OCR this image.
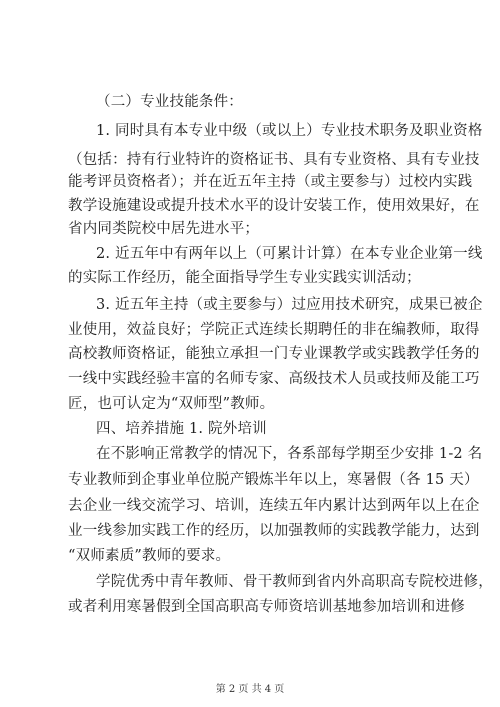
（二）专业技能条件：
1. 同时具有本专业中级（或以上）专业技术职务及职业资格
（包括：持有行业特许的资格证书、具有专业资格、具有专业技
能考评员资格者）；并在近五年主持（或主要参与）过校内实践
教学设施建设或提升技术水平的设计安装工作，使用效果好，在
省内同类院校中居先进水平；
2. 近五年中有两年以上（可累计计算）在本专业企业第一线
的实际工作经历，能全面指导学生专业实践实训活动；
3. 近五年主持（或主要参与）过应用技术研究，成果已被企
业使用，效益良好；学院正式连续长期聘任的非在编教师，取得
高校教师资格证，能独立承担一门专业课教学或实践教学任务的
一线中实践经验丰富的名师专家、高级技术人员或技师及能工巧
匠，也可认定为“双师型”教师。
四、培养措施 1. 院外培训
在不影响正常教学的情况下，各系部每学期至少安排 1-2 名
专业教师到企事业单位脱产锻炼半年以上，寒暑假（各 15 天）
去企业一线交流学习、培训，连续五年内累计达到两年以上在企
业一线参加实践工作的经历，以加强教师的实践教学能力，达到
“双师素质”教师的要求。
学院优秀中青年教师、骨干教师到省内外高职高专院校进修，
或者利用寒暑假到全国高职高专师资培训基地参加培训和进修
第 2 页 共 4 页
